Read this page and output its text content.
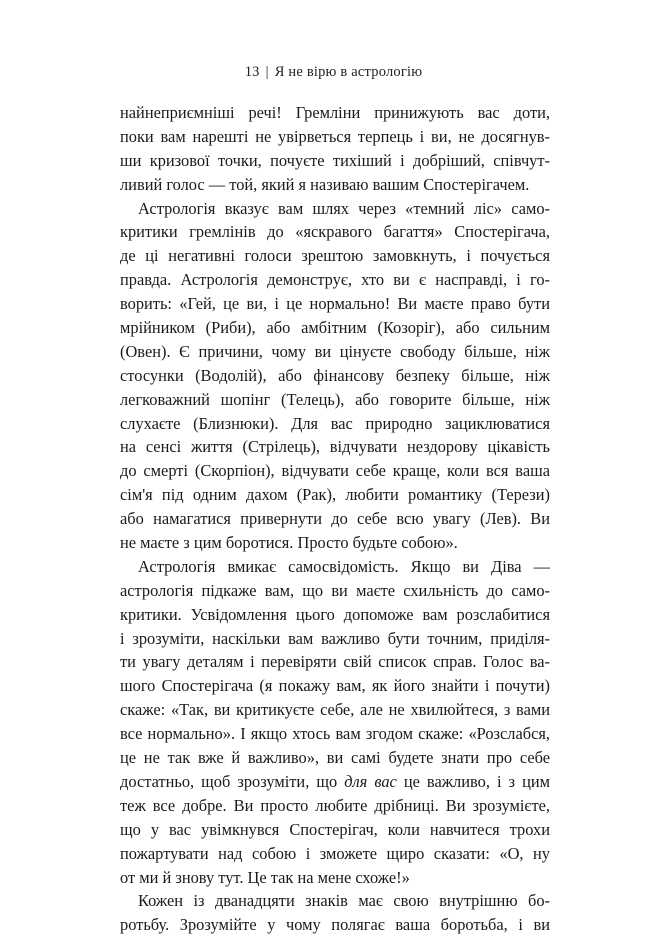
13 | Я не вірю в астрологію
найнеприємніші речі! Гремліни принижують вас доти,
поки вам нарешті не увірветься терпець і ви, не досягнув-
ши кризової точки, почуєте тихіший і добріший, співчут-
ливий голос — той, який я називаю вашим Спостерігачем.
Астрологія вказує вам шлях через «темний ліс» само-
критики гремлінів до «яскравого багаття» Спостерігача,
де ці негативні голоси зрештою замовкнуть, і почується
правда. Астрологія демонструє, хто ви є насправді, і го-
ворить: «Гей, це ви, і це нормально! Ви маєте право бути
мрійником (Риби), або амбітним (Козоріг), або сильним
(Овен). Є причини, чому ви цінуєте свободу більше, ніж
стосунки (Водолій), або фінансову безпеку більше, ніж
легковажний шопінг (Телець), або говорите більше, ніж
слухаєте (Близнюки). Для вас природно зациклюватися
на сенсі життя (Стрілець), відчувати нездорову цікавість
до смерті (Скорпіон), відчувати себе краще, коли вся ваша
сім'я під одним дахом (Рак), любити романтику (Терези)
або намагатися привернути до себе всю увагу (Лев). Ви
не маєте з цим боротися. Просто будьте собою».
Астрологія вмикає самосвідомість. Якщо ви Діва —
астрологія підкаже вам, що ви маєте схильність до само-
критики. Усвідомлення цього допоможе вам розслабитися
і зрозуміти, наскільки вам важливо бути точним, приділя-
ти увагу деталям і перевіряти свій список справ. Голос ва-
шого Спостерігача (я покажу вам, як його знайти і почути)
скаже: «Так, ви критикуєте себе, але не хвилюйтеся, з вами
все нормально». І якщо хтось вам згодом скаже: «Розслабся,
це не так вже й важливо», ви самі будете знати про себе
достатньо, щоб зрозуміти, що для вас це важливо, і з цим
теж все добре. Ви просто любите дрібниці. Ви зрозумієте,
що у вас увімкнувся Спостерігач, коли навчитеся трохи
пожартувати над собою і зможете щиро сказати: «О, ну
от ми й знову тут. Це так на мене схоже!»
Кожен із дванадцяти знаків має свою внутрішню бо-
ротьбу. Зрозумійте у чому полягає ваша боротьба, і ви
